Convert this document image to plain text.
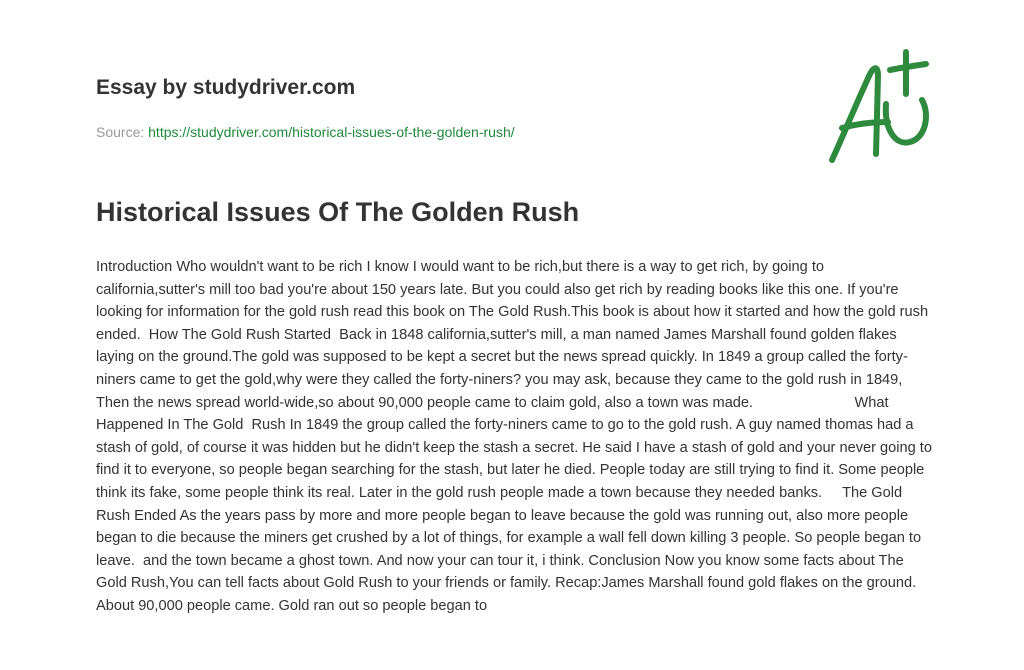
Essay by studydriver.com

Source: https://studydriver.com/historical-issues-of-the-golden-rush/

Historical Issues Of The Golden Rush

Introduction Who wouldn't want to be rich I know I would want to be rich,but there is a way to get rich, by going to california,sutter's mill too bad you're about 150 years late. But you could also get rich by reading books like this one. If you're looking for information for the gold rush read this book on The Gold Rush.This book is about how it started and how the gold rush ended.  How The Gold Rush Started  Back in 1848 california,sutter's mill, a man named James Marshall found golden flakes laying on the ground.The gold was supposed to be kept a secret but the news spread quickly. In 1849 a group called the forty-niners came to get the gold,why were they called the forty-niners? you may ask, because they came to the gold rush in 1849, Then the news spread world-wide,so about 90,000 people came to claim gold, also a town was made.                         What Happened In The Gold  Rush In 1849 the group called the forty-niners came to go to the gold rush. A guy named thomas had a stash of gold, of course it was hidden but he didn't keep the stash a secret. He said I have a stash of gold and your never going to find it to everyone, so people began searching for the stash, but later he died. People today are still trying to find it. Some people think its fake, some people think its real. Later in the gold rush people made a town because they needed banks.     The Gold Rush Ended As the years pass by more and more people began to leave because the gold was running out, also more people began to die because the miners get crushed by a lot of things, for example a wall fell down killing 3 people. So people began to leave.  and the town became a ghost town. And now your can tour it, i think. Conclusion Now you know some facts about The Gold Rush,You can tell facts about Gold Rush to your friends or family. Recap:James Marshall found gold flakes on the ground. About 90,000 people came. Gold ran out so people began to
